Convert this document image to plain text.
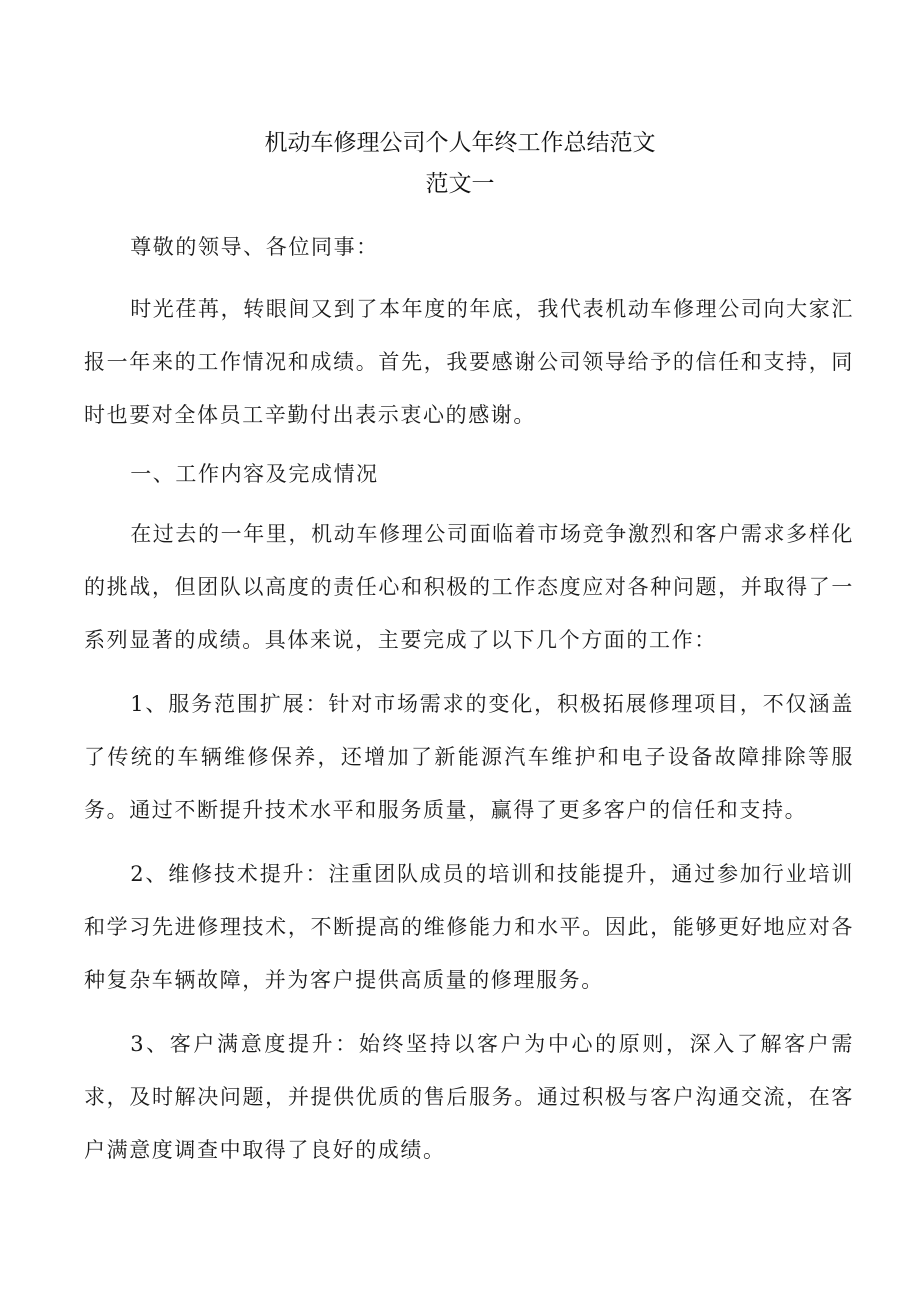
机动车修理公司个人年终工作总结范文
范文一

尊敬的领导、各位同事：

时光荏苒，转眼间又到了本年度的年底，我代表机动车修理公司向大家汇报一年来的工作情况和成绩。首先，我要感谢公司领导给予的信任和支持，同时也要对全体员工辛勤付出表示衷心的感谢。

一、工作内容及完成情况

在过去的一年里，机动车修理公司面临着市场竞争激烈和客户需求多样化的挑战，但团队以高度的责任心和积极的工作态度应对各种问题，并取得了一系列显著的成绩。具体来说，主要完成了以下几个方面的工作：

1、服务范围扩展：针对市场需求的变化，积极拓展修理项目，不仅涵盖了传统的车辆维修保养，还增加了新能源汽车维护和电子设备故障排除等服务。通过不断提升技术水平和服务质量，赢得了更多客户的信任和支持。

2、维修技术提升：注重团队成员的培训和技能提升，通过参加行业培训和学习先进修理技术，不断提高的维修能力和水平。因此，能够更好地应对各种复杂车辆故障，并为客户提供高质量的修理服务。

3、客户满意度提升：始终坚持以客户为中心的原则，深入了解客户需求，及时解决问题，并提供优质的售后服务。通过积极与客户沟通交流，在客户满意度调查中取得了良好的成绩。
